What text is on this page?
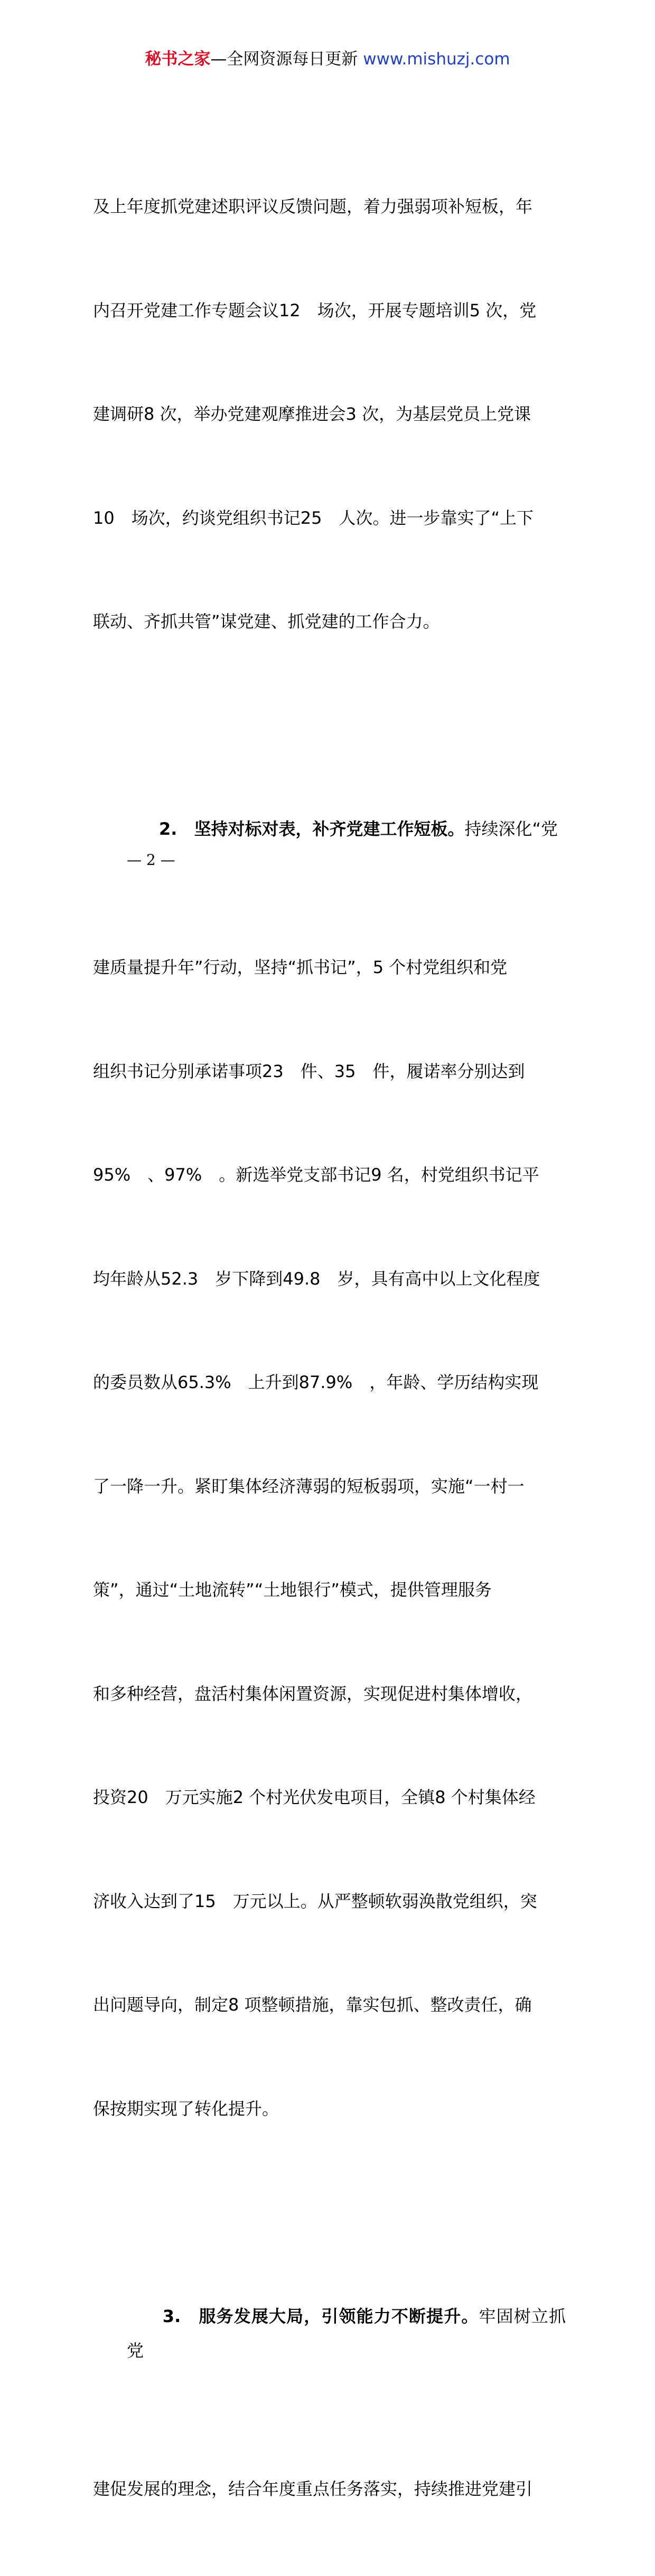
秘书之家—全网资源每日更新 www.mishuzj.com

及上年度抓党建述职评议反馈问题，着力强弱项补短板，年

内召开党建工作专题会议12　场次，开展专题培训5 次，党

建调研8 次，举办党建观摩推进会3 次，为基层党员上党课

10　场次，约谈党组织书记25　人次。进一步靠实了“上下

联动、齐抓共管”谋党建、抓党建的工作合力。

2.　坚持对标对表，补齐党建工作短板。持续深化“党

建质量提升年”行动，坚持“抓书记”，5 个村党组织和党

组织书记分别承诺事项23　件、35　件，履诺率分别达到

95%　、97%　。新选举党支部书记9 名，村党组织书记平

均年龄从52.3　岁下降到49.8　岁，具有高中以上文化程度

的委员数从65.3%　上升到87.9%　，年龄、学历结构实现

了一降一升。紧盯集体经济薄弱的短板弱项，实施“一村一

策”，通过“土地流转”“土地银行”模式，提供管理服务

和多种经营，盘活村集体闲置资源，实现促进村集体增收，

投资20　万元实施2 个村光伏发电项目，全镇8 个村集体经

济收入达到了15　万元以上。从严整顿软弱涣散党组织，突

出问题导向，制定8 项整顿措施，靠实包抓、整改责任，确

保按期实现了转化提升。

3.　服务发展大局，引领能力不断提升。牢固树立抓党

建促发展的理念，结合年度重点任务落实，持续推进党建引

— 2 —
